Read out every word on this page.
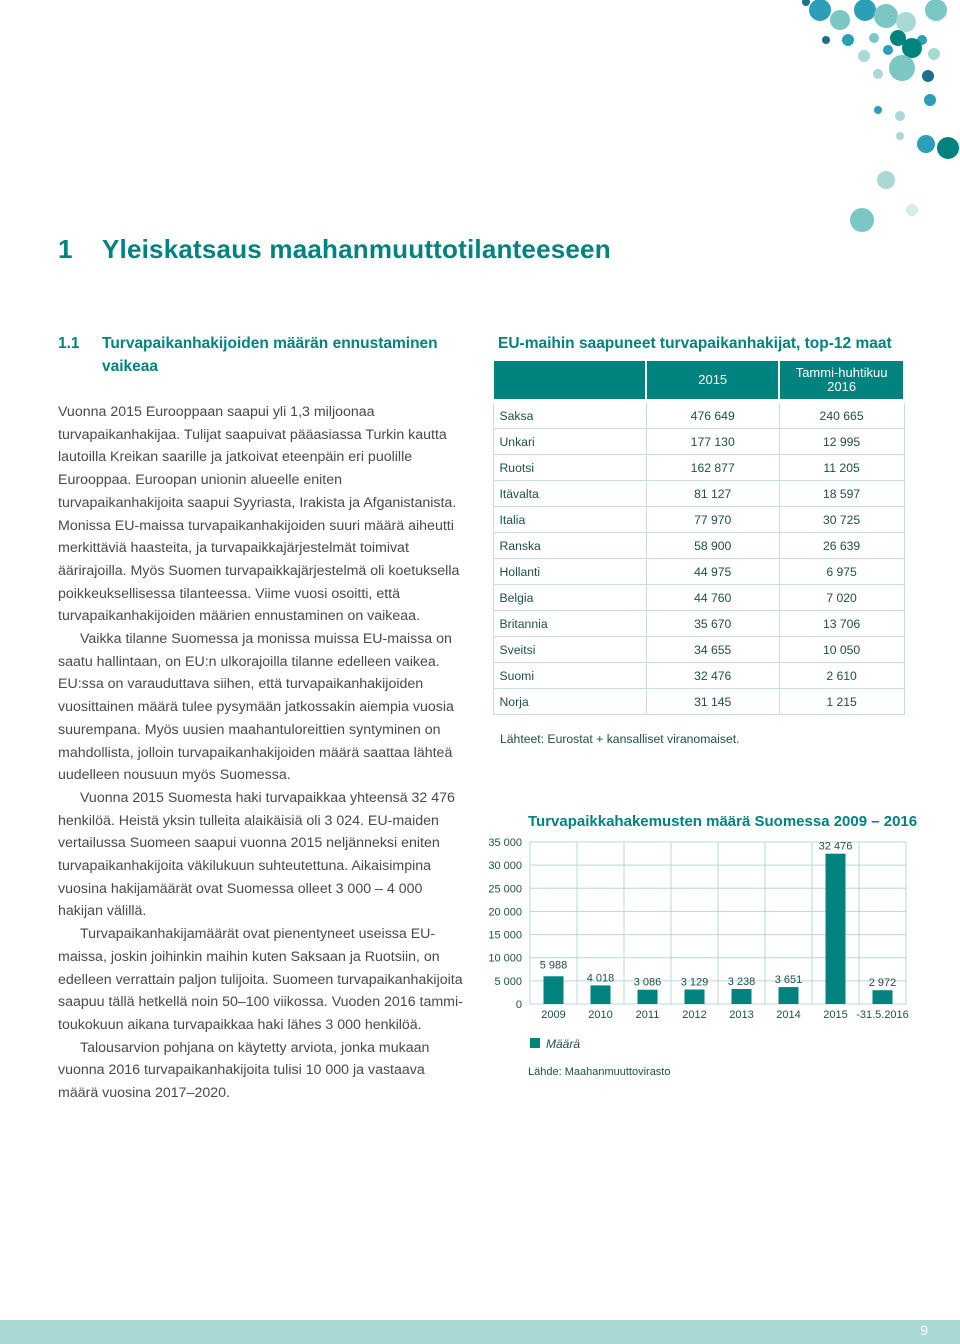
1 Yleiskatsaus maahanmuuttotilanteeseen
1.1 Turvapaikanhakijoiden määrän ennustaminen vaikeaa

Vuonna 2015 Eurooppaan saapui yli 1,3 miljoonaa turvapaikanhakijaa. Tulijat saapuivat pääasiassa Turkin kautta lautoilla Kreikan saarille ja jatkoivat eteenpäin eri puolille Eurooppaa. Euroopan unionin alueelle eniten turvapaikanhakijoita saapui Syyriasta, Irakista ja Afganistanista. Monissa EU-maissa turvapaikanhakijoiden suuri määrä aiheutti merkittäviä haasteita, ja turvapaikkajärjestelmät toimivat äärirajoilla. Myös Suomen turvapaikkajärjestelmä oli koetuksella poikkeuksellisessa tilanteessa. Viime vuosi osoitti, että turvapaikanhakijoiden määrien ennustaminen on vaikeaa.

Vaikka tilanne Suomessa ja monissa muissa EU-maissa on saatu hallintaan, on EU:n ulkorajoilla tilanne edelleen vaikea. EU:ssa on varauduttava siihen, että turvapaikanhakijoiden vuosittainen määrä tulee pysymään jatkossakin aiempia vuosia suurempana. Myös uusien maahantuloreittien syntyminen on mahdollista, jolloin turvapaikanhakijoiden määrä saattaa lähteä uudelleen nousuun myös Suomessa.

Vuonna 2015 Suomesta haki turvapaikkaa yhteensä 32 476 henkilöä. Heistä yksin tulleita alaikäisiä oli 3 024. EU-maiden vertailussa Suomeen saapui vuonna 2015 neljänneksi eniten turvapaikanhakijoita väkilukuun suhteutettuna. Aikaisimpina vuosina hakijamäärät ovat Suomessa olleet 3 000 – 4 000 hakijan välillä.

Turvapaikanhakijamäärät ovat pienentyneet useissa EU-maissa, joskin joihinkin maihin kuten Saksaan ja Ruotsiin, on edelleen verrattain paljon tulijoita. Suomeen turvapaikanhakijoita saapuu tällä hetkellä noin 50–100 viikossa. Vuoden 2016 tammi-toukokuun aikana turvapaikkaa haki lähes 3 000 henkilöä.

Talousarvion pohjana on käytetty arviota, jonka mukaan vuonna 2016 turvapaikanhakijoita tulisi 10 000 ja vastaava määrä vuosina 2017–2020.

EU-maihin saapuneet turvapaikanhakijat, top-12 maat
	2015	Tammi-huhtikuu
2016
Saksa	476 649	240 665
Unkari	177 130	12 995
Ruotsi	162 877	11 205
Itävalta	81 127	18 597
Italia	77 970	30 725
Ranska	58 900	26 639
Hollanti	44 975	6 975
Belgia	44 760	7 020
Britannia	35 670	13 706
Sveitsi	34 655	10 050
Suomi	32 476	2 610
Norja	31 145	1 215
Lähteet: Eurostat + kansalliset viranomaiset.
Turvapaikkahakemusten määrä Suomessa 2009 – 2016
0
5 000
10 000
15 000
20 000
25 000
30 000
35 000
5 988
4 018 3 086 3 129 3 238 3 651
32 476
2 972
2009 2010 2011 2012 2013 2014 2015 -31.5.2016
Määrä
Lähde: Maahanmuuttovirasto
9
